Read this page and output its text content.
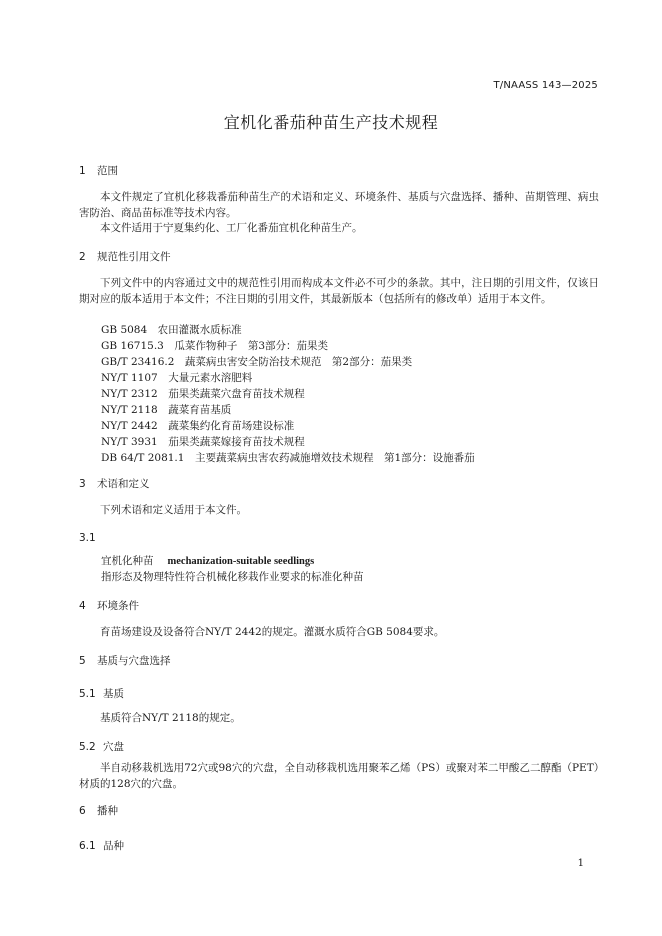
T/NAASS 143—2025
宜机化番茄种苗生产技术规程
1 范围
本文件规定了宜机化移栽番茄种苗生产的术语和定义、环境条件、基质与穴盘选择、播种、苗期管理、病虫害防治、商品苗标准等技术内容。
本文件适用于宁夏集约化、工厂化番茄宜机化种苗生产。
2 规范性引用文件
下列文件中的内容通过文中的规范性引用而构成本文件必不可少的条款。其中，注日期的引用文件，仅该日期对应的版本适用于本文件；不注日期的引用文件，其最新版本（包括所有的修改单）适用于本文件。
GB 5084　 农田灌溉水质标准
GB 16715.3　 瓜菜作物种子　第3部分：茄果类
GB/T 23416.2　 蔬菜病虫害安全防治技术规范　第2部分：茄果类
NY/T 1107　 大量元素水溶肥料
NY/T 2312　 茄果类蔬菜穴盘育苗技术规程
NY/T 2118　 蔬菜育苗基质
NY/T 2442　 蔬菜集约化育苗场建设标准
NY/T 3931　 茄果类蔬菜嫁接育苗技术规程
DB 64/T 2081.1　 主要蔬菜病虫害农药减施增效技术规程　第1部分：设施番茄
3 术语和定义
下列术语和定义适用于本文件。
3.1
宜机化种苗 mechanization-suitable seedlings
指形态及物理特性符合机械化移栽作业要求的标准化种苗
4 环境条件
育苗场建设及设备符合NY/T 2442的规定。灌溉水质符合GB 5084要求。
5 基质与穴盘选择
5.1 基质
基质符合NY/T 2118的规定。
5.2 穴盘
半自动移栽机选用72穴或98穴的穴盘，全自动移栽机选用聚苯乙烯（PS）或聚对苯二甲酸乙二醇酯（PET）材质的128穴的穴盘。
6 播种
6.1 品种
1
